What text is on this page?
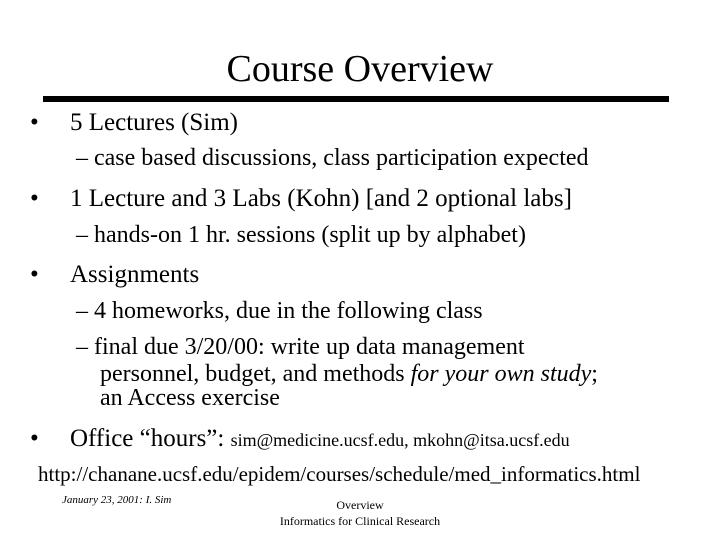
Course Overview
• 5 Lectures (Sim)
– case based discussions, class participation expected
• 1 Lecture and 3 Labs (Kohn) [and 2 optional labs]
– hands-on 1 hr. sessions (split up by alphabet)
• Assignments
– 4 homeworks, due in the following class
– final due 3/20/00: write up data management
personnel, budget, and methods for your own study;
an Access exercise
• Office “hours”: sim@medicine.ucsf.edu, mkohn@itsa.ucsf.edu
http://chanane.ucsf.edu/epidem/courses/schedule/med_informatics.html
January 23, 2001: I. Sim	Overview
Informatics for Clinical Research
